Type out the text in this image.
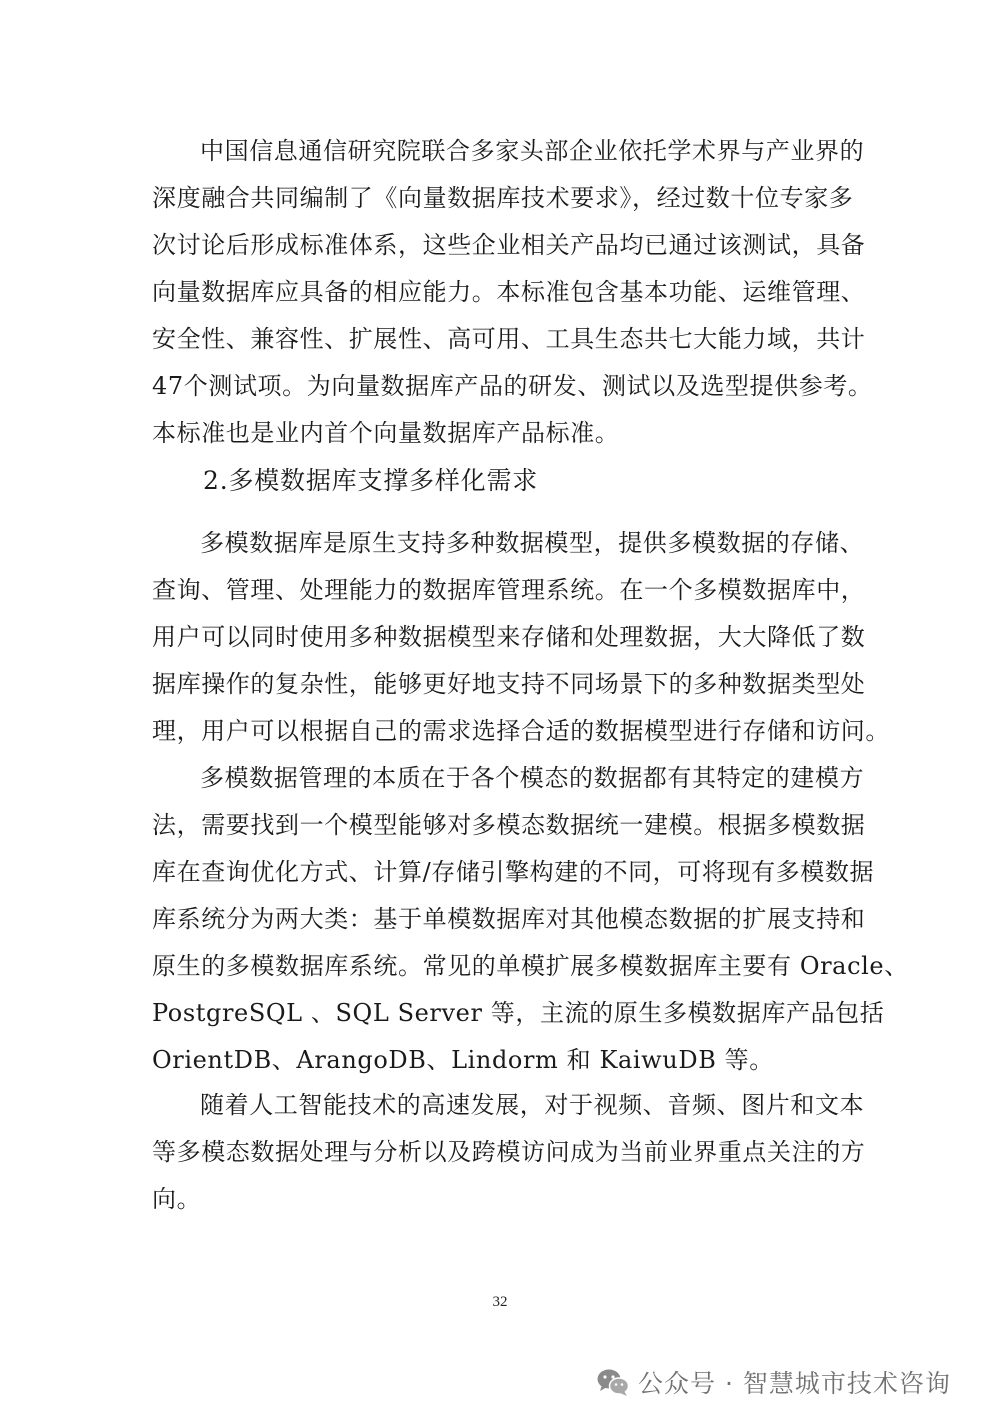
中国信息通信研究院联合多家头部企业依托学术界与产业界的
深度融合共同编制了《向量数据库技术要求》，经过数十位专家多
次讨论后形成标准体系，这些企业相关产品均已通过该测试，具备
向量数据库应具备的相应能力。本标准包含基本功能、运维管理、
安全性、兼容性、扩展性、高可用、工具生态共七大能力域，共计
47个测试项。为向量数据库产品的研发、测试以及选型提供参考。
本标准也是业内首个向量数据库产品标准。
2.多模数据库支撑多样化需求
多模数据库是原生支持多种数据模型，提供多模数据的存储、
查询、管理、处理能力的数据库管理系统。在一个多模数据库中，
用户可以同时使用多种数据模型来存储和处理数据，大大降低了数
据库操作的复杂性，能够更好地支持不同场景下的多种数据类型处
理，用户可以根据自己的需求选择合适的数据模型进行存储和访问。
多模数据管理的本质在于各个模态的数据都有其特定的建模方
法，需要找到一个模型能够对多模态数据统一建模。根据多模数据
库在查询优化方式、计算/存储引擎构建的不同，可将现有多模数据
库系统分为两大类：基于单模数据库对其他模态数据的扩展支持和
原生的多模数据库系统。常见的单模扩展多模数据库主要有 Oracle、
PostgreSQL 、SQL Server 等，主流的原生多模数据库产品包括
OrientDB、ArangoDB、Lindorm 和 KaiwuDB 等。
随着人工智能技术的高速发展，对于视频、音频、图片和文本
等多模态数据处理与分析以及跨模访问成为当前业界重点关注的方
向。
32
公众号 · 智慧城市技术咨询
